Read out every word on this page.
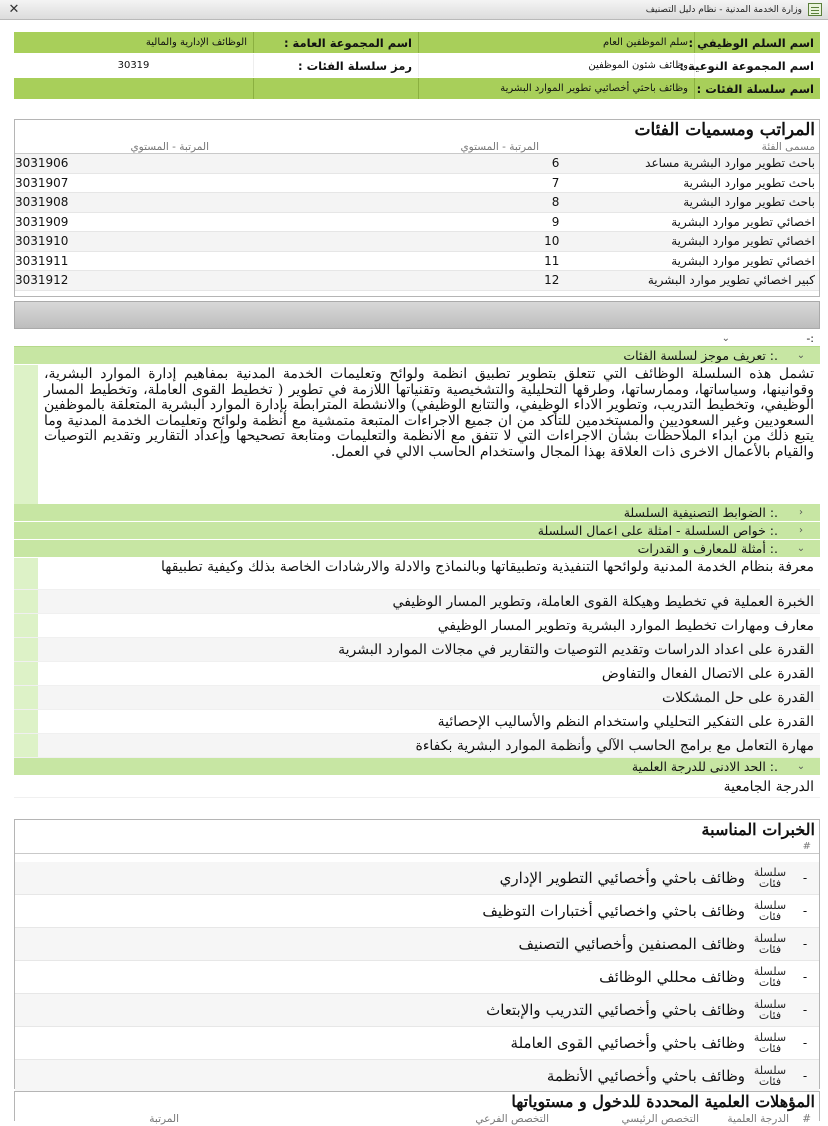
✕	وزارة الخدمة المدنية - نظام دليل التصنيف
اسم السلم الوظيفي :
سلم الموظفين العام
اسم المجموعة العامة :
الوظائف الإدارية والمالية
اسم المجموعة النوعية :
وظائف شئون الموظفين
رمز سلسلة الفئات :
30319
اسم سلسلة الفئات :
وظائف باحثي أخصائيي تطوير الموارد البشرية
المراتب ومسميات الفئات
مسمى الفئة
المرتبة - المستوي
المرتبة - المستوي
باحث تطوير موارد البشرية مساعد
6
3031906
باحث تطوير موارد البشرية
7
3031907
باحث تطوير موارد البشرية
8
3031908
اخصائي تطوير موارد البشرية
9
3031909
اخصائي تطوير موارد البشرية
10
3031910
اخصائي تطوير موارد البشرية
11
3031911
كبير اخصائي تطوير موارد البشرية
12
3031912
:-
⌄
⌄
.: تعريف موجز لسلسة الفئات
تشمل هذه السلسلة الوظائف التي تتعلق بتطوير تطبيق انظمة ولوائح وتعليمات الخدمة المدنية بمفاهيم إدارة الموارد البشرية، وقوانينها، وسياساتها، وممارساتها، وطرقها التحليلية والتشخيصية وتقنياتها اللازمة في تطوير ( تخطيط القوى العاملة، وتخطيط المسار الوظيفي، وتخطيط التدريب، وتطوير الاداء الوظيفي، والتتابع الوظيفي) والانشطة المترابطة بإدارة الموارد البشرية المتعلقة بالموظفين السعوديين وغير السعوديين والمستخدمين للتأكد من ان جميع الاجراءات المتبعة متمشية مع أنظمة ولوائح وتعليمات الخدمة المدنية وما يتبع ذلك من ابداء الملاحظات بشأن الاجراءات التي لا تتفق مع الانظمة والتعليمات ومتابعة تصحيحها وإعداد التقارير وتقديم التوصيات والقيام بالأعمال الاخرى ذات العلاقة بهذا المجال واستخدام الحاسب الالي في العمل.
‹
.: الضوابط التصنيفية السلسلة
‹
.: خواص السلسلة - امثلة على اعمال السلسلة
⌄
.: أمثلة للمعارف و القدرات
معرفة بنظام الخدمة المدنية ولوائحها التنفيذية وتطبيقاتها وبالنماذج والادلة والارشادات الخاصة بذلك وكيفية تطبيقها
الخبرة العملية في تخطيط وهيكلة القوى العاملة، وتطوير المسار الوظيفي
معارف ومهارات تخطيط الموارد البشرية وتطوير المسار الوظيفي
القدرة على اعداد الدراسات وتقديم التوصيات والتقارير في مجالات الموارد البشرية
القدرة على الاتصال الفعال والتفاوض
القدرة على حل المشكلات
القدرة على التفكير التحليلي واستخدام النظم والأساليب الإحصائية
مهارة التعامل مع برامج الحاسب الآلي وأنظمة الموارد البشرية بكفاءة
⌄
.: الحد الادنى للدرجة العلمية
الدرجة الجامعية
الخبرات المناسبة
#
-
سلسلة فئات
وظائف باحثي وأخصائيي التطوير الإداري
-
سلسلة فئات
وظائف باحثي واخصائيي أختبارات التوظيف
-
سلسلة فئات
وظائف المصنفين وأخصائيي التصنيف
-
سلسلة فئات
وظائف محللي الوظائف
-
سلسلة فئات
وظائف باحثي وأخصائيي التدريب والإبتعاث
-
سلسلة فئات
وظائف باحثي وأخصائيي القوى العاملة
-
سلسلة فئات
وظائف باحثي وأخصائيي الأنظمة
المؤهلات العلمية المحددة للدخول و مستوياتها
#
الدرجة العلمية
التخصص الرئيسي
التخصص الفرعي
المرتبة
